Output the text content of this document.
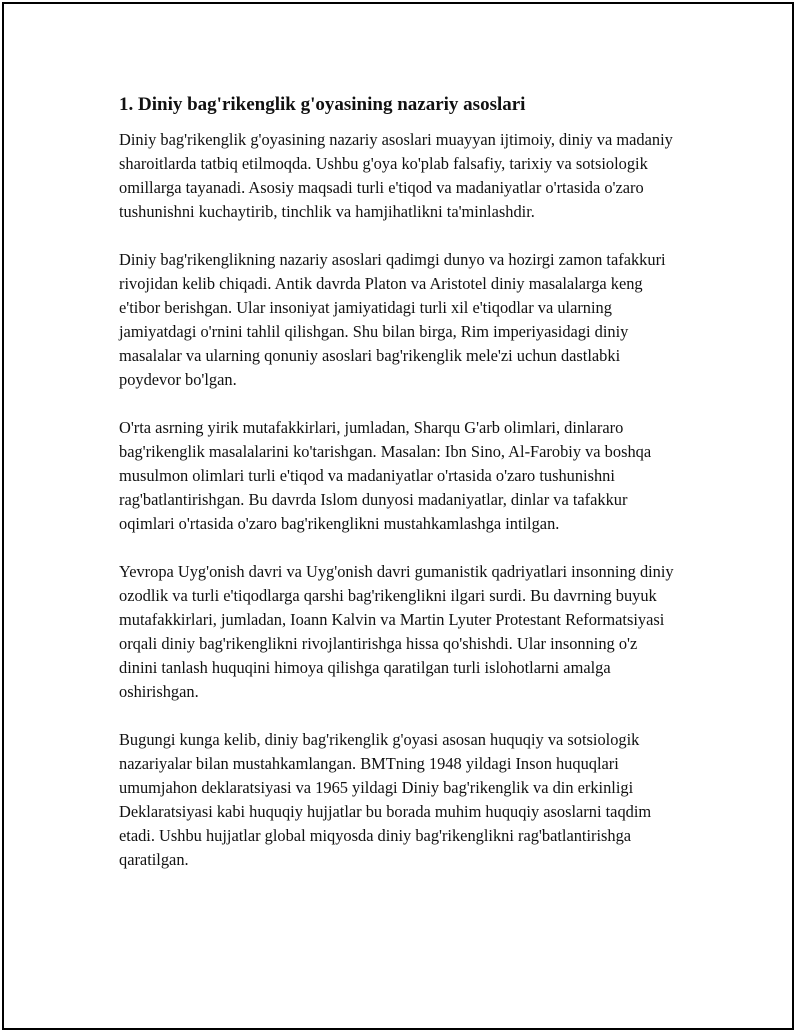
1. Diniy bag'rikenglik g'oyasining nazariy asoslari

Diniy bag'rikenglik g'oyasining nazariy asoslari muayyan ijtimoiy, diniy va madaniy sharoitlarda tatbiq etilmoqda. Ushbu g'oya ko'plab falsafiy, tarixiy va sotsiologik omillarga tayanadi. Asosiy maqsadi turli e'tiqod va madaniyatlar o'rtasida o'zaro tushunishni kuchaytirib, tinchlik va hamjihatlikni ta'minlashdir.

Diniy bag'rikenglikning nazariy asoslari qadimgi dunyo va hozirgi zamon tafakkuri rivojidan kelib chiqadi. Antik davrda Platon va Aristotel diniy masalalarga keng e'tibor berishgan. Ular insoniyat jamiyatidagi turli xil e'tiqodlar va ularning jamiyatdagi o'rnini tahlil qilishgan. Shu bilan birga, Rim imperiyasidagi diniy masalalar va ularning qonuniy asoslari bag'rikenglik mele'zi uchun dastlabki poydevor bo'lgan.

O'rta asrning yirik mutafakkirlari, jumladan, Sharqu G'arb olimlari, dinlararo bag'rikenglik masalalarini ko'tarishgan. Masalan: Ibn Sino, Al-Farobiy va boshqa musulmon olimlari turli e'tiqod va madaniyatlar o'rtasida o'zaro tushunishni rag'batlantirishgan. Bu davrda Islom dunyosi madaniyatlar, dinlar va tafakkur oqimlari o'rtasida o'zaro bag'rikenglikni mustahkamlashga intilgan.

Yevropa Uyg'onish davri va Uyg'onish davri gumanistik qadriyatlari insonning diniy ozodlik va turli e'tiqodlarga qarshi bag'rikenglikni ilgari surdi. Bu davrning buyuk mutafakkirlari, jumladan, Ioann Kalvin va Martin Lyuter Protestant Reformatsiyasi orqali diniy bag'rikenglikni rivojlantirishga hissa qo'shishdi. Ular insonning o'z dinini tanlash huquqini himoya qilishga qaratilgan turli islohotlarni amalga oshirishgan.

Bugungi kunga kelib, diniy bag'rikenglik g'oyasi asosan huquqiy va sotsiologik nazariyalar bilan mustahkamlangan. BMTning 1948 yildagi Inson huquqlari umumjahon deklaratsiyasi va 1965 yildagi Diniy bag'rikenglik va din erkinligi Deklaratsiyasi kabi huquqiy hujjatlar bu borada muhim huquqiy asoslarni taqdim etadi. Ushbu hujjatlar global miqyosda diniy bag'rikenglikni rag'batlantirishga qaratilgan.
